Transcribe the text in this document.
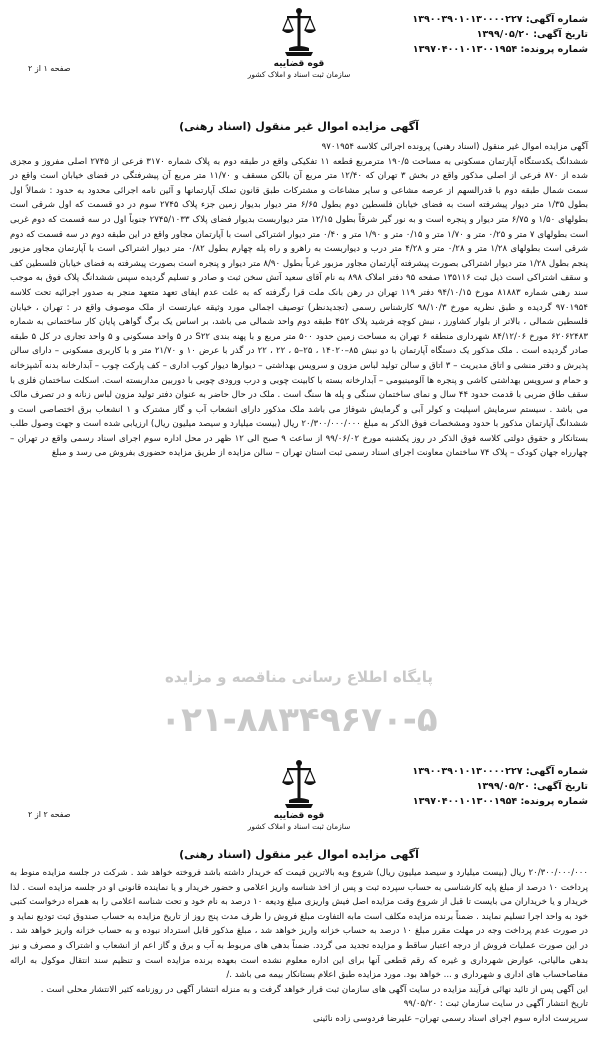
شماره آگهی: ۱۳۹۰۰۳۹۰۱۰۱۳۰۰۰۰۲۲۷
تاریخ آگهی: ۱۳۹۹/۰۵/۲۰
شماره پرونده: ۱۳۹۷۰۴۰۰۱۰۱۳۰۰۱۹۵۴
قوه قضاییه
سازمان ثبت اسناد و املاک کشور
صفحه ۱ از ۲
آگهی مزایده اموال غیر منقول (اسناد رهنی)

آگهی مزایده اموال غیر منقول (اسناد رهنی) پرونده اجرائی کلاسه ۹۷۰۱۹۵۴

ششدانگ یکدستگاه آپارتمان مسکونی به مساحت ۱۹۰/۵ مترمربع قطعه ۱۱ تفکیکی واقع در طبقه دوم به پلاک شماره ۳۱۷۰ فرعی از ۲۷۴۵ اصلی مفروز و مجزی شده از ۸۷۰ فرعی از اصلی مذکور واقع در بخش ۳ تهران که ۱۲/۴۰ متر مربع آن بالکن مسقف و ۱۱/۷۰ متر مربع آن پیشرفتگی در فضای خیابان است واقع در سمت شمال طبقه دوم با قدرالسهم از عرصه مشاعی و سایر مشاعات و مشترکات طبق قانون تملک آپارتمانها و آئین نامه اجرائی محدود به حدود : شمالاً اول بطول ۱/۳۵ متر دیوار پیشرفته است به فضای خیابان فلسطین دوم بطول ۶/۶۵ متر دیوار بدیوار زمین جزء پلاک ۲۷۴۵ سوم در دو قسمت که اول شرقی است بطولهای ۱/۵۰ و ۶/۷۵ متر دیوار و پنجره است و به نور گیر شرقاً بطول ۱۲/۱۵ متر دیواربست بدیوار فضای پلاک ۲۷۴۵/۱۰۳۳ جنوباً اول در سه قسمت که دوم غربی است بطولهای ۷ متر و ۰/۲۵ متر و ۱/۷۰ متر و ۰/۱۵ متر و ۱/۹۰ متر و ۰/۴۰ متر دیوار اشتراکی است با آپارتمان مجاور واقع در این طبقه دوم در سه قسمت که دوم شرقی است بطولهای ۱/۲۸ متر و ۰/۲۸ متر و ۴/۲۸ متر درب و دیواربست به راهرو و راه پله چهارم بطول ۰/۸۲ متر دیوار اشتراکی است با آپارتمان مجاور مزبور پنجم بطول ۱/۲۸ متر دیوار اشتراکی بصورت پیشرفته آپارتمان مجاور مزبور غرباً بطول ۸/۹۰ متر دیوار و پنجره است بصورت پیشرفته به فضای خیابان فلسطین کف و سقف اشتراکی است ذیل ثبت ۱۳۵۱۱۶ صفحه ۹۵ دفتر املاک ۸۹۸ به نام آقای سعید آتش سخن ثبت و صادر و تسلیم گردیده سپس ششدانگ پلاک فوق به موجب سند رهنی شماره ۸۱۸۸۳ مورخ ۹۴/۱۰/۱۵ دفتر ۱۱۹ تهران در رهن بانک ملت قرا رگرفته که به علت عدم ایفای تعهد متعهد منجر به صدور اجرائیه تحت کلاسه ۹۷۰۱۹۵۴ گردیده و طبق نظریه مورخ ۹۸/۱۰/۳ کارشناس رسمی (تجدیدنظر) توصیف اجمالی مورد وثیقه عبارتست از ملک موصوف واقع در : تهران ، خیابان فلسطین شمالی ، بالاتر از بلوار کشاورز ، نبش کوچه فرشید پلاک ۴۵۲ طبقه دوم واحد شمالی می باشد، بر اساس یک برگ گواهی پایان کار ساختمانی به شماره ۶۲۰۶۲۴۸۳ مورخ ۸۴/۱۲/۰۶ شهرداری منطقه ۶ تهران به مساحت زمین حدود ۵۰۰ متر مربع و با پهنه بندی S۲۲ در ۵ واحد مسکونی و ۵ واحد تجاری در کل ۵ طبقه صادر گردیده است . ملک مذکور یک دستگاه آپارتمان با دو نبش ۸۵–۱۴۰۲۰ ، ۲۵–۵ ، ۲۲ ، ۲۲ در گذر با عرض ۱۰ و ۲۱/۷۰ متر و با کاربری مسکونی – دارای سالن پذیرش و دفتر منشی و اتاق مدیریت – ۳ اتاق و سالن تولید لباس مزون و سرویس بهداشتی – دیوارها دیوار کوب اداری – کف پارکت چوب – آبدارخانه بدنه آشپزخانه و حمام و سرویس بهداشتی کاشی و پنجره ها آلومینیومی – آبدارخانه بسته با کابینت چوبی و درب ورودی چوبی با دوربین مداربسته است. اسکلت ساختمان فلزی با سقف طاق ضربی با قدمت حدود ۴۴ سال و نمای ساختمان سنگی و پله ها سنگ است . ملک در حال حاضر به عنوان دفتر تولید مزون لباس زنانه و در تصرف مالک می باشد . سیستم سرمایش اسپلیت و کولر آبی و گرمایش شوفاژ می باشد ملک مذکور دارای انشعاب آب و گاز مشترک و ۱ انشعاب برق اختصاصی است و ششدانگ آپارتمان مذکور با حدود ومشخصات فوق الذکر به مبلغ ۲۰/۳۰۰/۰۰۰/۰۰۰ ریال (بیست میلیارد و سیصد میلیون ریال) ارزیابی شده است و جهت وصول طلب بستانکار و حقوق دولتی کلاسه فوق الذکر در روز یکشنبه مورخ ۹۹/۰۶/۰۲ از ساعت ۹ صبح الی ۱۲ ظهر در محل اداره سوم اجرای اسناد رسمی واقع در تهران – چهارراه جهان کودک – پلاک ۷۴ ساختمان معاونت اجرای اسناد رسمی ثبت استان تهران – سالن مزایده از طریق مزایده حضوری بفروش می رسد و مبلغ

پایگاه اطلاع رسانی مناقصه و مزایده
۰۲۱-۸۸۳۴۹۶۷۰-۵
شماره آگهی: ۱۳۹۰۰۳۹۰۱۰۱۳۰۰۰۰۲۲۷
تاریخ آگهی: ۱۳۹۹/۰۵/۲۰
شماره پرونده: ۱۳۹۷۰۴۰۰۱۰۱۳۰۰۱۹۵۴
قوه قضاییه
سازمان ثبت اسناد و املاک کشور
صفحه ۲ از ۲
آگهی مزایده اموال غیر منقول (اسناد رهنی)

۲۰/۳۰۰/۰۰۰/۰۰۰ ریال (بیست میلیارد و سیصد میلیون ریال) شروع وبه بالاترین قیمت که خریدار داشته باشد فروخته خواهد شد . شرکت در جلسه مزایده منوط به پرداخت ۱۰ درصد از مبلغ پایه کارشناسی به حساب سپرده ثبت و پس از اخذ شناسه واریز اعلامی و حضور خریدار و یا نماینده قانونی او در جلسه مزایده است . لذا خریدار و یا خریداران می بایست تا قبل از شروع وقت مزایده اصل فیش واریزی مبلغ ودیعه ۱۰ درصد به نام خود و تحت شناسه اعلامی را به همراه درخواست کتبی خود به واحد اجرا تسلیم نمایند . ضمناً برنده مزایده مکلف است مابه التفاوت مبلغ فروش را ظرف مدت پنج روز از تاریخ مزایده به حساب صندوق ثبت تودیع نماید و در صورت عدم پرداخت وجه در مهلت مقرر مبلغ ۱۰ درصد به حساب خزانه واریز خواهد شد ، مبلغ مذکور قابل استرداد نبوده و به حساب خزانه واریز خواهد شد . در این صورت عملیات فروش از درجه اعتبار ساقط و مزایده تجدید می گردد. ضمناً بدهی های مربوط به آب و برق و گاز اعم از انشعاب و اشتراک و مصرف و نیز بدهی مالیاتی، عوارض شهرداری و غیره که رقم قطعی آنها برای این اداره معلوم نشده است بعهده برنده مزایده است و تنظیم سند انتقال موکول به ارائه مفاصاحساب های اداری و شهرداری و ... خواهد بود. مورد مزایده طبق اعلام بستانکار بیمه می باشد ./

این آگهی پس از تائید نهائی فرآیند مزایده در سایت آگهی های سازمان ثبت قرار خواهد گرفت و به منزله انتشار آگهی در روزنامه کثیر الانتشار محلی است .

تاریخ انتشار آگهی در سایت سازمان ثبت : ۹۹/۰۵/۲۰

سرپرست اداره سوم اجرای اسناد رسمی تهران– علیرضا فردوسی زاده نائینی
